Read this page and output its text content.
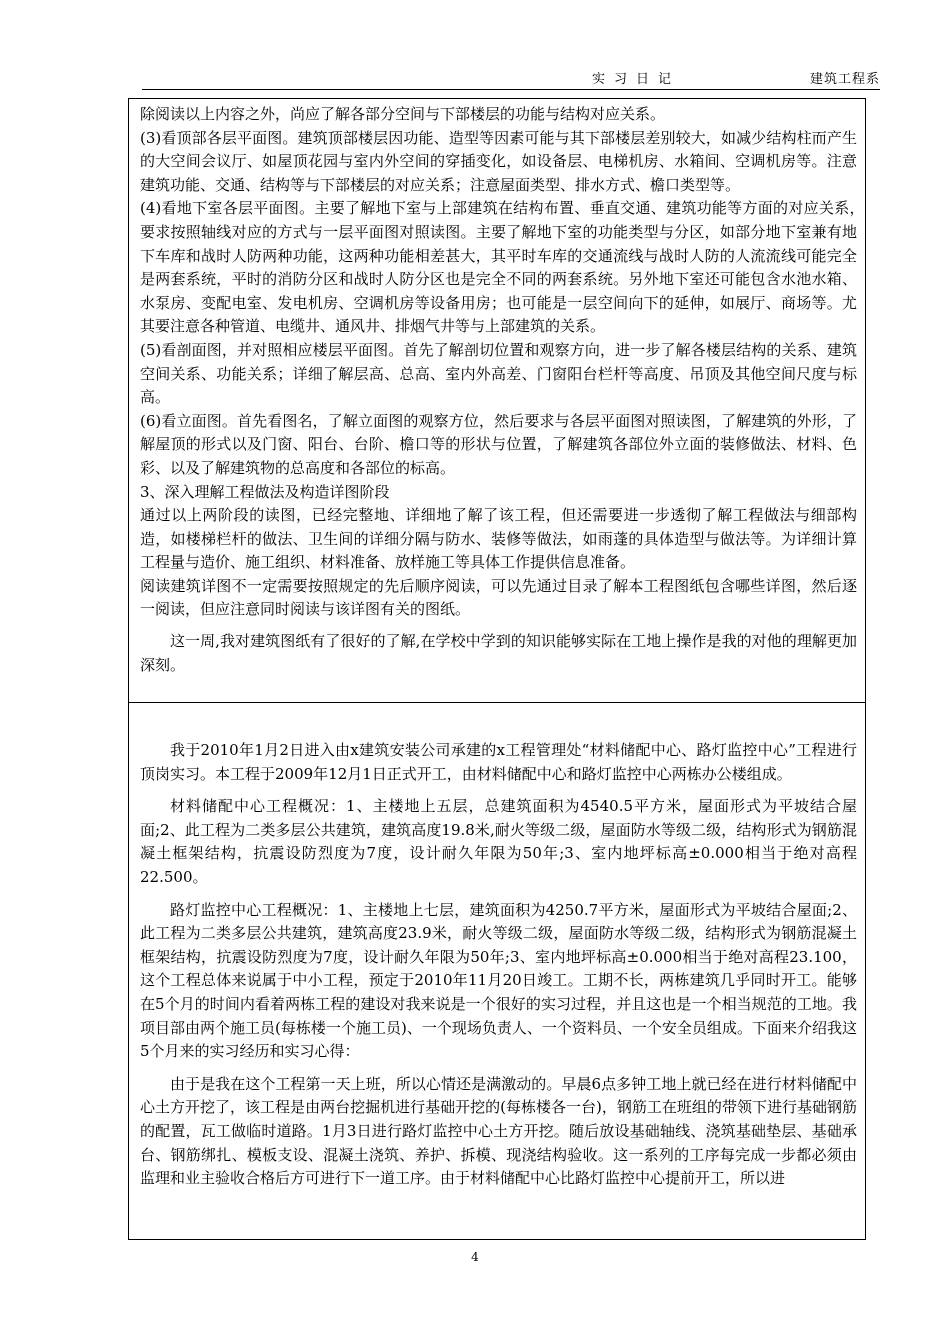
实习日记	建筑工程系

除阅读以上内容之外，尚应了解各部分空间与下部楼层的功能与结构对应关系。

(3)看顶部各层平面图。建筑顶部楼层因功能、造型等因素可能与其下部楼层差别较大，如减少结构柱而产生的大空间会议厅、如屋顶花园与室内外空间的穿插变化，如设备层、电梯机房、水箱间、空调机房等。注意建筑功能、交通、结构等与下部楼层的对应关系；注意屋面类型、排水方式、檐口类型等。

(4)看地下室各层平面图。主要了解地下室与上部建筑在结构布置、垂直交通、建筑功能等方面的对应关系，　要求按照轴线对应的方式与一层平面图对照读图。主要了解地下室的功能类型与分区，如部分地下室兼有地下车库和战时人防两种功能，这两种功能相差甚大，其平时车库的交通流线与战时人防的人流流线可能完全是两套系统，平时的消防分区和战时人防分区也是完全不同的两套系统。另外地下室还可能包含水池水箱、水泵房、变配电室、发电机房、空调机房等设备用房；也可能是一层空间向下的延伸，如展厅、商场等。尤其要注意各种管道、电缆井、通风井、排烟气井等与上部建筑的关系。

(5)看剖面图，并对照相应楼层平面图。首先了解剖切位置和观察方向，进一步了解各楼层结构的关系、建筑空间关系、功能关系；详细了解层高、总高、室内外高差、门窗阳台栏杆等高度、吊顶及其他空间尺度与标高。

(6)看立面图。首先看图名，了解立面图的观察方位，然后要求与各层平面图对照读图，了解建筑的外形，了解屋顶的形式以及门窗、阳台、台阶、檐口等的形状与位置，了解建筑各部位外立面的装修做法、材料、色彩、以及了解建筑物的总高度和各部位的标高。

3、深入理解工程做法及构造详图阶段

通过以上两阶段的读图，已经完整地、详细地了解了该工程，但还需要进一步透彻了解工程做法与细部构造，如楼梯栏杆的做法、卫生间的详细分隔与防水、装修等做法，如雨蓬的具体造型与做法等。为详细计算工程量与造价、施工组织、材料准备、放样施工等具体工作提供信息准备。

阅读建筑详图不一定需要按照规定的先后顺序阅读，可以先通过目录了解本工程图纸包含哪些详图，然后逐一阅读，但应注意同时阅读与该详图有关的图纸。

这一周,我对建筑图纸有了很好的了解,在学校中学到的知识能够实际在工地上操作是我的对他的理解更加深刻。

我于2010年1月2日进入由x建筑安装公司承建的x工程管理处“材料储配中心、路灯监控中心”工程进行顶岗实习。本工程于2009年12月1日正式开工，由材料储配中心和路灯监控中心两栋办公楼组成。

材料储配中心工程概况：1、主楼地上五层，总建筑面积为4540.5平方米，屋面形式为平坡结合屋面;2、此工程为二类多层公共建筑，建筑高度19.8米,耐火等级二级，屋面防水等级二级，结构形式为钢筋混凝土框架结构，抗震设防烈度为7度，设计耐久年限为50年;3、室内地坪标高±0.000相当于绝对高程22.500。

路灯监控中心工程概况：1、主楼地上七层，建筑面积为4250.7平方米，屋面形式为平坡结合屋面;2、此工程为二类多层公共建筑，建筑高度23.9米，耐火等级二级，屋面防水等级二级，结构形式为钢筋混凝土框架结构，抗震设防烈度为7度，设计耐久年限为50年;3、室内地坪标高±0.000相当于绝对高程23.100，这个工程总体来说属于中小工程，预定于2010年11月20日竣工。工期不长，两栋建筑几乎同时开工。能够在5个月的时间内看着两栋工程的建设对我来说是一个很好的实习过程，并且这也是一个相当规范的工地。我项目部由两个施工员(每栋楼一个施工员)、一个现场负责人、一个资料员、一个安全员组成。下面来介绍我这5个月来的实习经历和实习心得：

由于是我在这个工程第一天上班，所以心情还是满激动的。早晨6点多钟工地上就已经在进行材料储配中心土方开挖了，该工程是由两台挖掘机进行基础开挖的(每栋楼各一台)，钢筋工在班组的带领下进行基础钢筋的配置，瓦工做临时道路。1月3日进行路灯监控中心土方开挖。随后放设基础轴线、浇筑基础垫层、基础承台、钢筋绑扎、模板支设、混凝土浇筑、养护、拆模、现浇结构验收。这一系列的工序每完成一步都必须由监理和业主验收合格后方可进行下一道工序。由于材料储配中心比路灯监控中心提前开工，所以进

4
